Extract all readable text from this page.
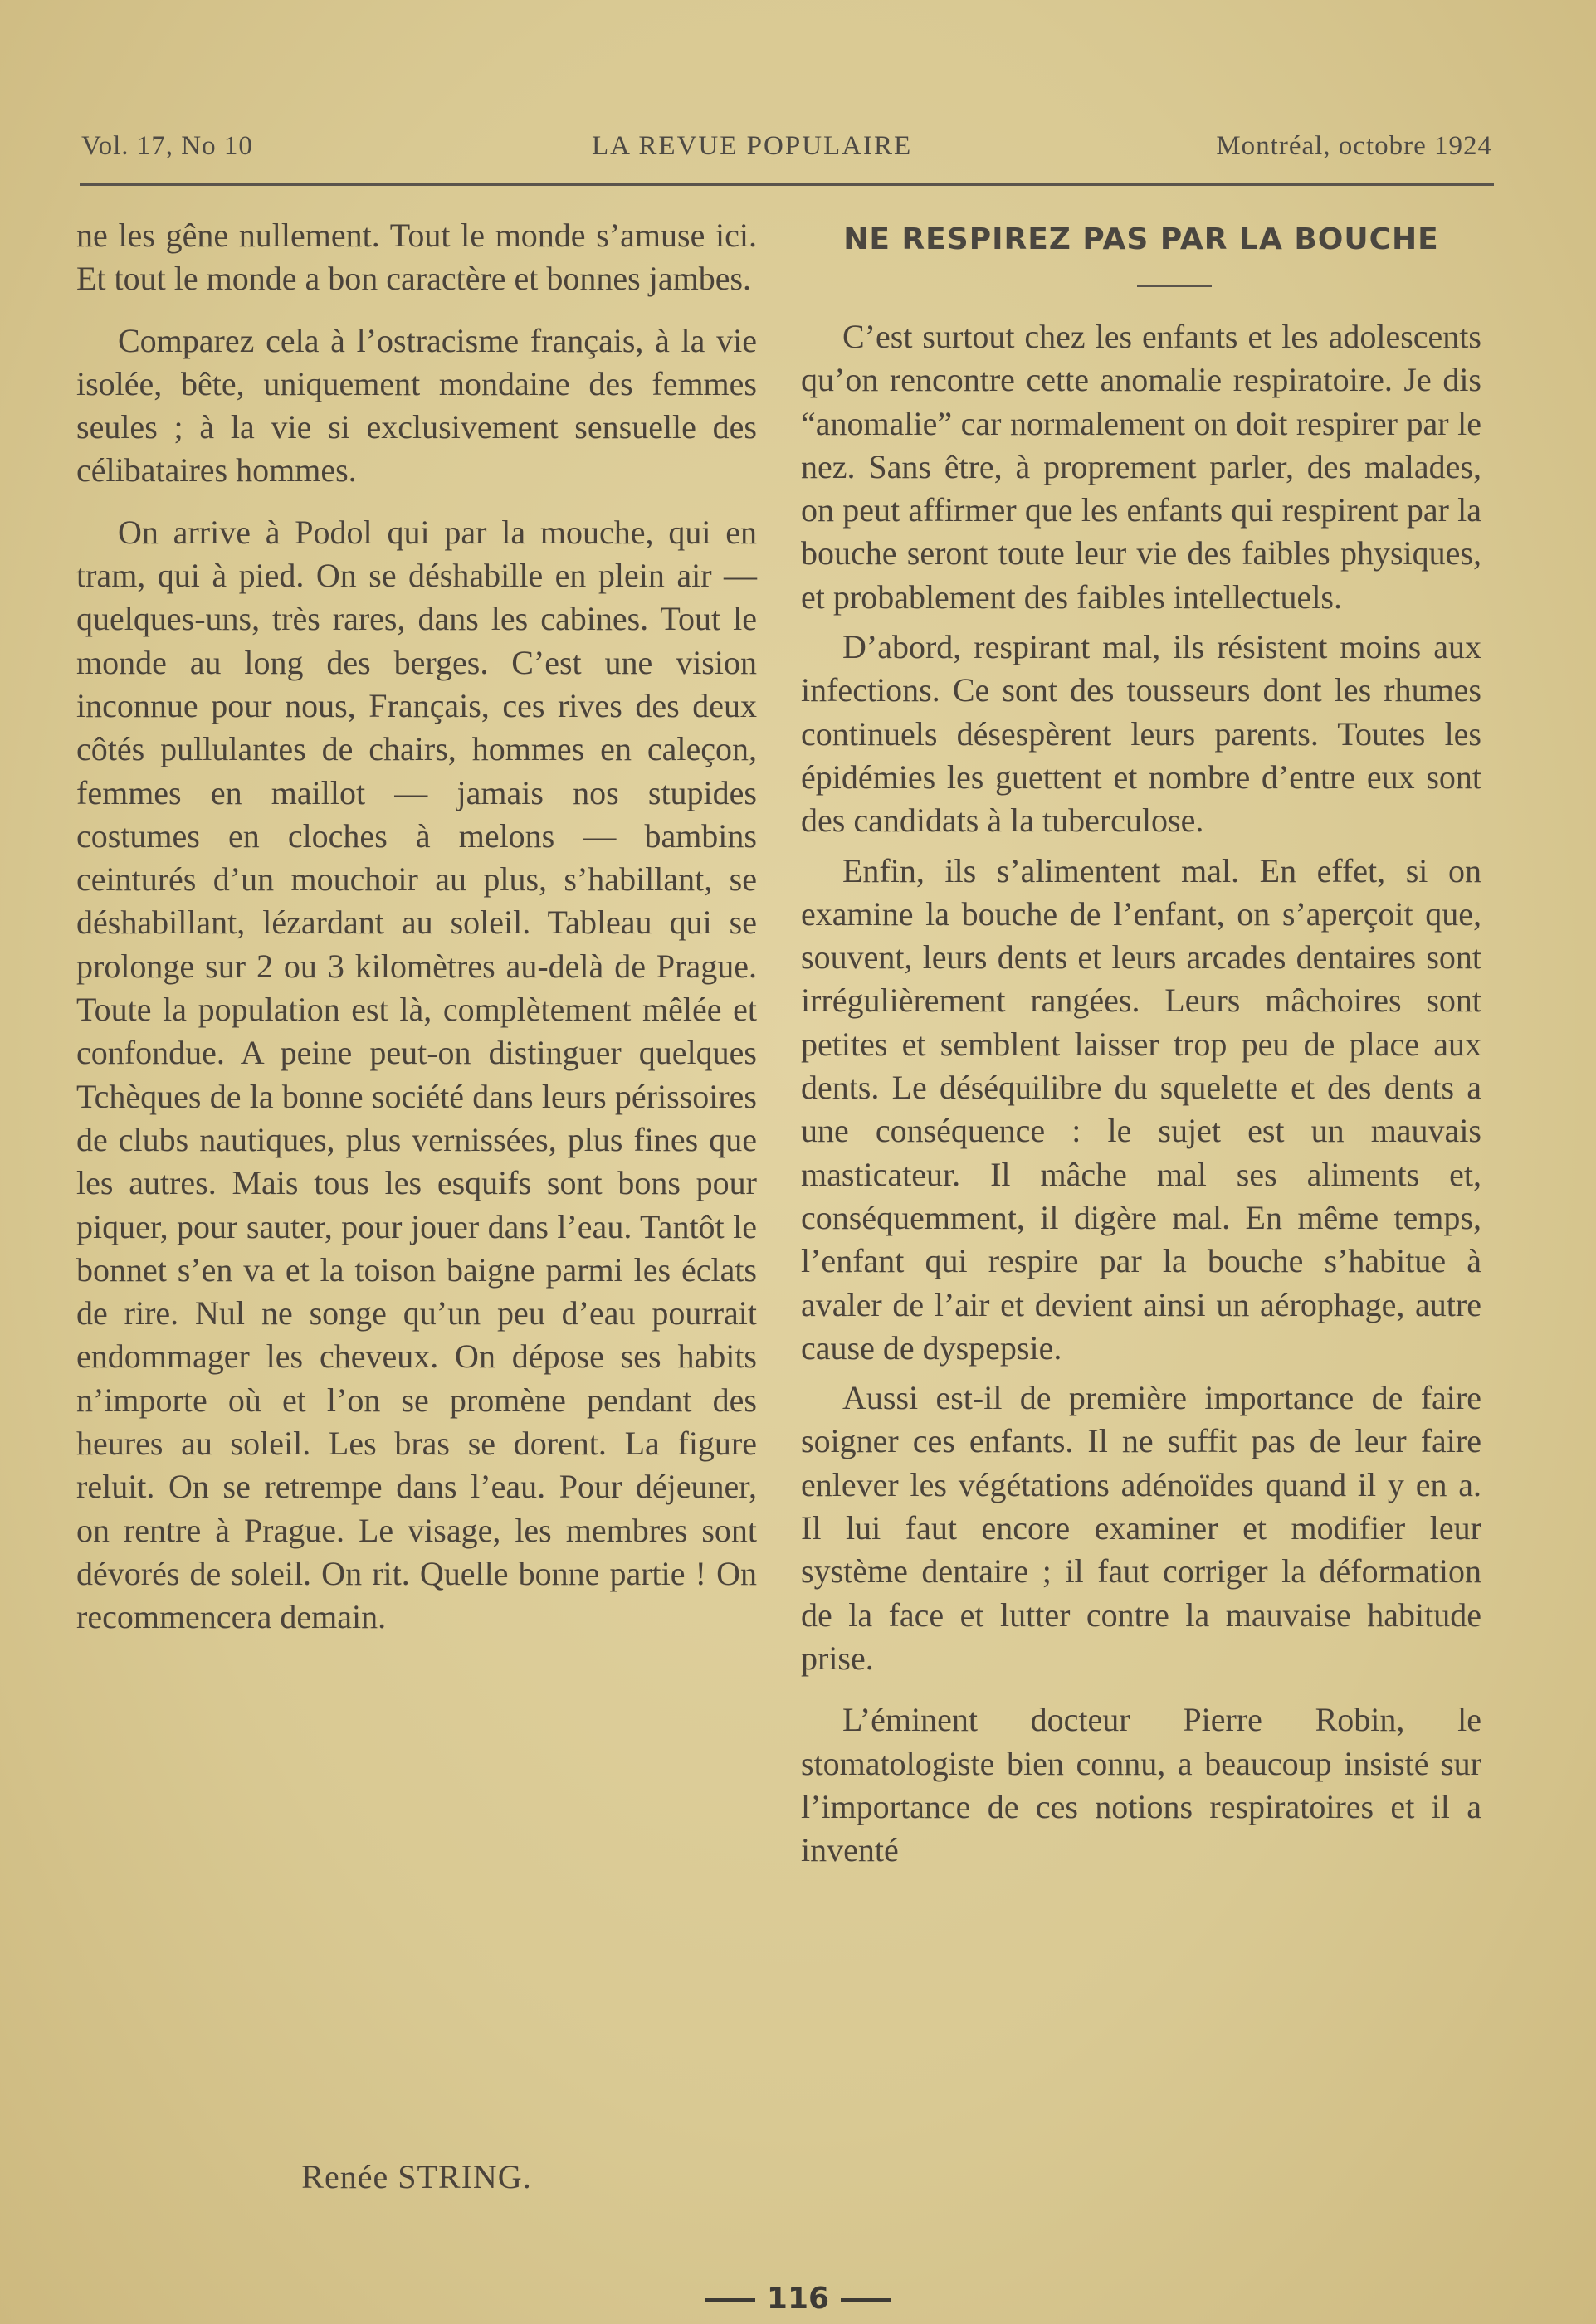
Vol. 17, No 10	LA REVUE POPULAIRE	Montréal, octobre 1924

ne les gêne nullement. Tout le monde s’amuse ici. Et tout le monde a bon caractère et bonnes jambes.

Comparez cela à l’ostracisme français, à la vie isolée, bête, uniquement mondaine des femmes seules ; à la vie si exclusivement sensuelle des célibataires hommes.

On arrive à Podol qui par la mouche, qui en tram, qui à pied. On se déshabille en plein air — quelques-uns, très rares, dans les cabines. Tout le monde au long des berges. C’est une vision inconnue pour nous, Français, ces rives des deux côtés pullulantes de chairs, hommes en caleçon, femmes en maillot — jamais nos stupides costumes en cloches à melons — bambins ceinturés d’un mouchoir au plus, s’habillant, se déshabillant, lézardant au soleil. Tableau qui se prolonge sur 2 ou 3 kilomètres au-delà de Prague. Toute la population est là, complètement mêlée et confondue. A peine peut-on distinguer quelques Tchèques de la bonne société dans leurs périssoires de clubs nautiques, plus vernissées, plus fines que les autres. Mais tous les esquifs sont bons pour piquer, pour sauter, pour jouer dans l’eau. Tantôt le bonnet s’en va et la toison baigne parmi les éclats de rire. Nul ne songe qu’un peu d’eau pourrait endommager les cheveux. On dépose ses habits n’importe où et l’on se promène pendant des heures au soleil. Les bras se dorent. La figure reluit. On se retrempe dans l’eau. Pour déjeuner, on rentre à Prague. Le visage, les membres sont dévorés de soleil. On rit. Quelle bonne partie ! On recommencera demain.

Renée STRING.
NE RESPIREZ PAS PAR LA BOUCHE

C’est surtout chez les enfants et les adolescents qu’on rencontre cette anomalie respiratoire. Je dis “anomalie” car normalement on doit respirer par le nez. Sans être, à proprement parler, des malades, on peut affirmer que les enfants qui respirent par la bouche seront toute leur vie des faibles physiques, et probablement des faibles intellectuels.

D’abord, respirant mal, ils résistent moins aux infections. Ce sont des tousseurs dont les rhumes continuels désespèrent leurs parents. Toutes les épidémies les guettent et nombre d’entre eux sont des candidats à la tuberculose.

Enfin, ils s’alimentent mal. En effet, si on examine la bouche de l’enfant, on s’aperçoit que, souvent, leurs dents et leurs arcades dentaires sont irrégulièrement rangées. Leurs mâchoires sont petites et semblent laisser trop peu de place aux dents. Le déséquilibre du squelette et des dents a une conséquence : le sujet est un mauvais masticateur. Il mâche mal ses aliments et, conséquemment, il digère mal. En même temps, l’enfant qui respire par la bouche s’habitue à avaler de l’air et devient ainsi un aérophage, autre cause de dyspepsie.

Aussi est-il de première importance de faire soigner ces enfants. Il ne suffit pas de leur faire enlever les végétations adénoïdes quand il y en a. Il lui faut encore examiner et modifier leur système dentaire ; il faut corriger la déformation de la face et lutter contre la mauvaise habitude prise.

L’éminent docteur Pierre Robin, le stomatologiste bien connu, a beaucoup insisté sur l’importance de ces notions respiratoires et il a inventé

116
